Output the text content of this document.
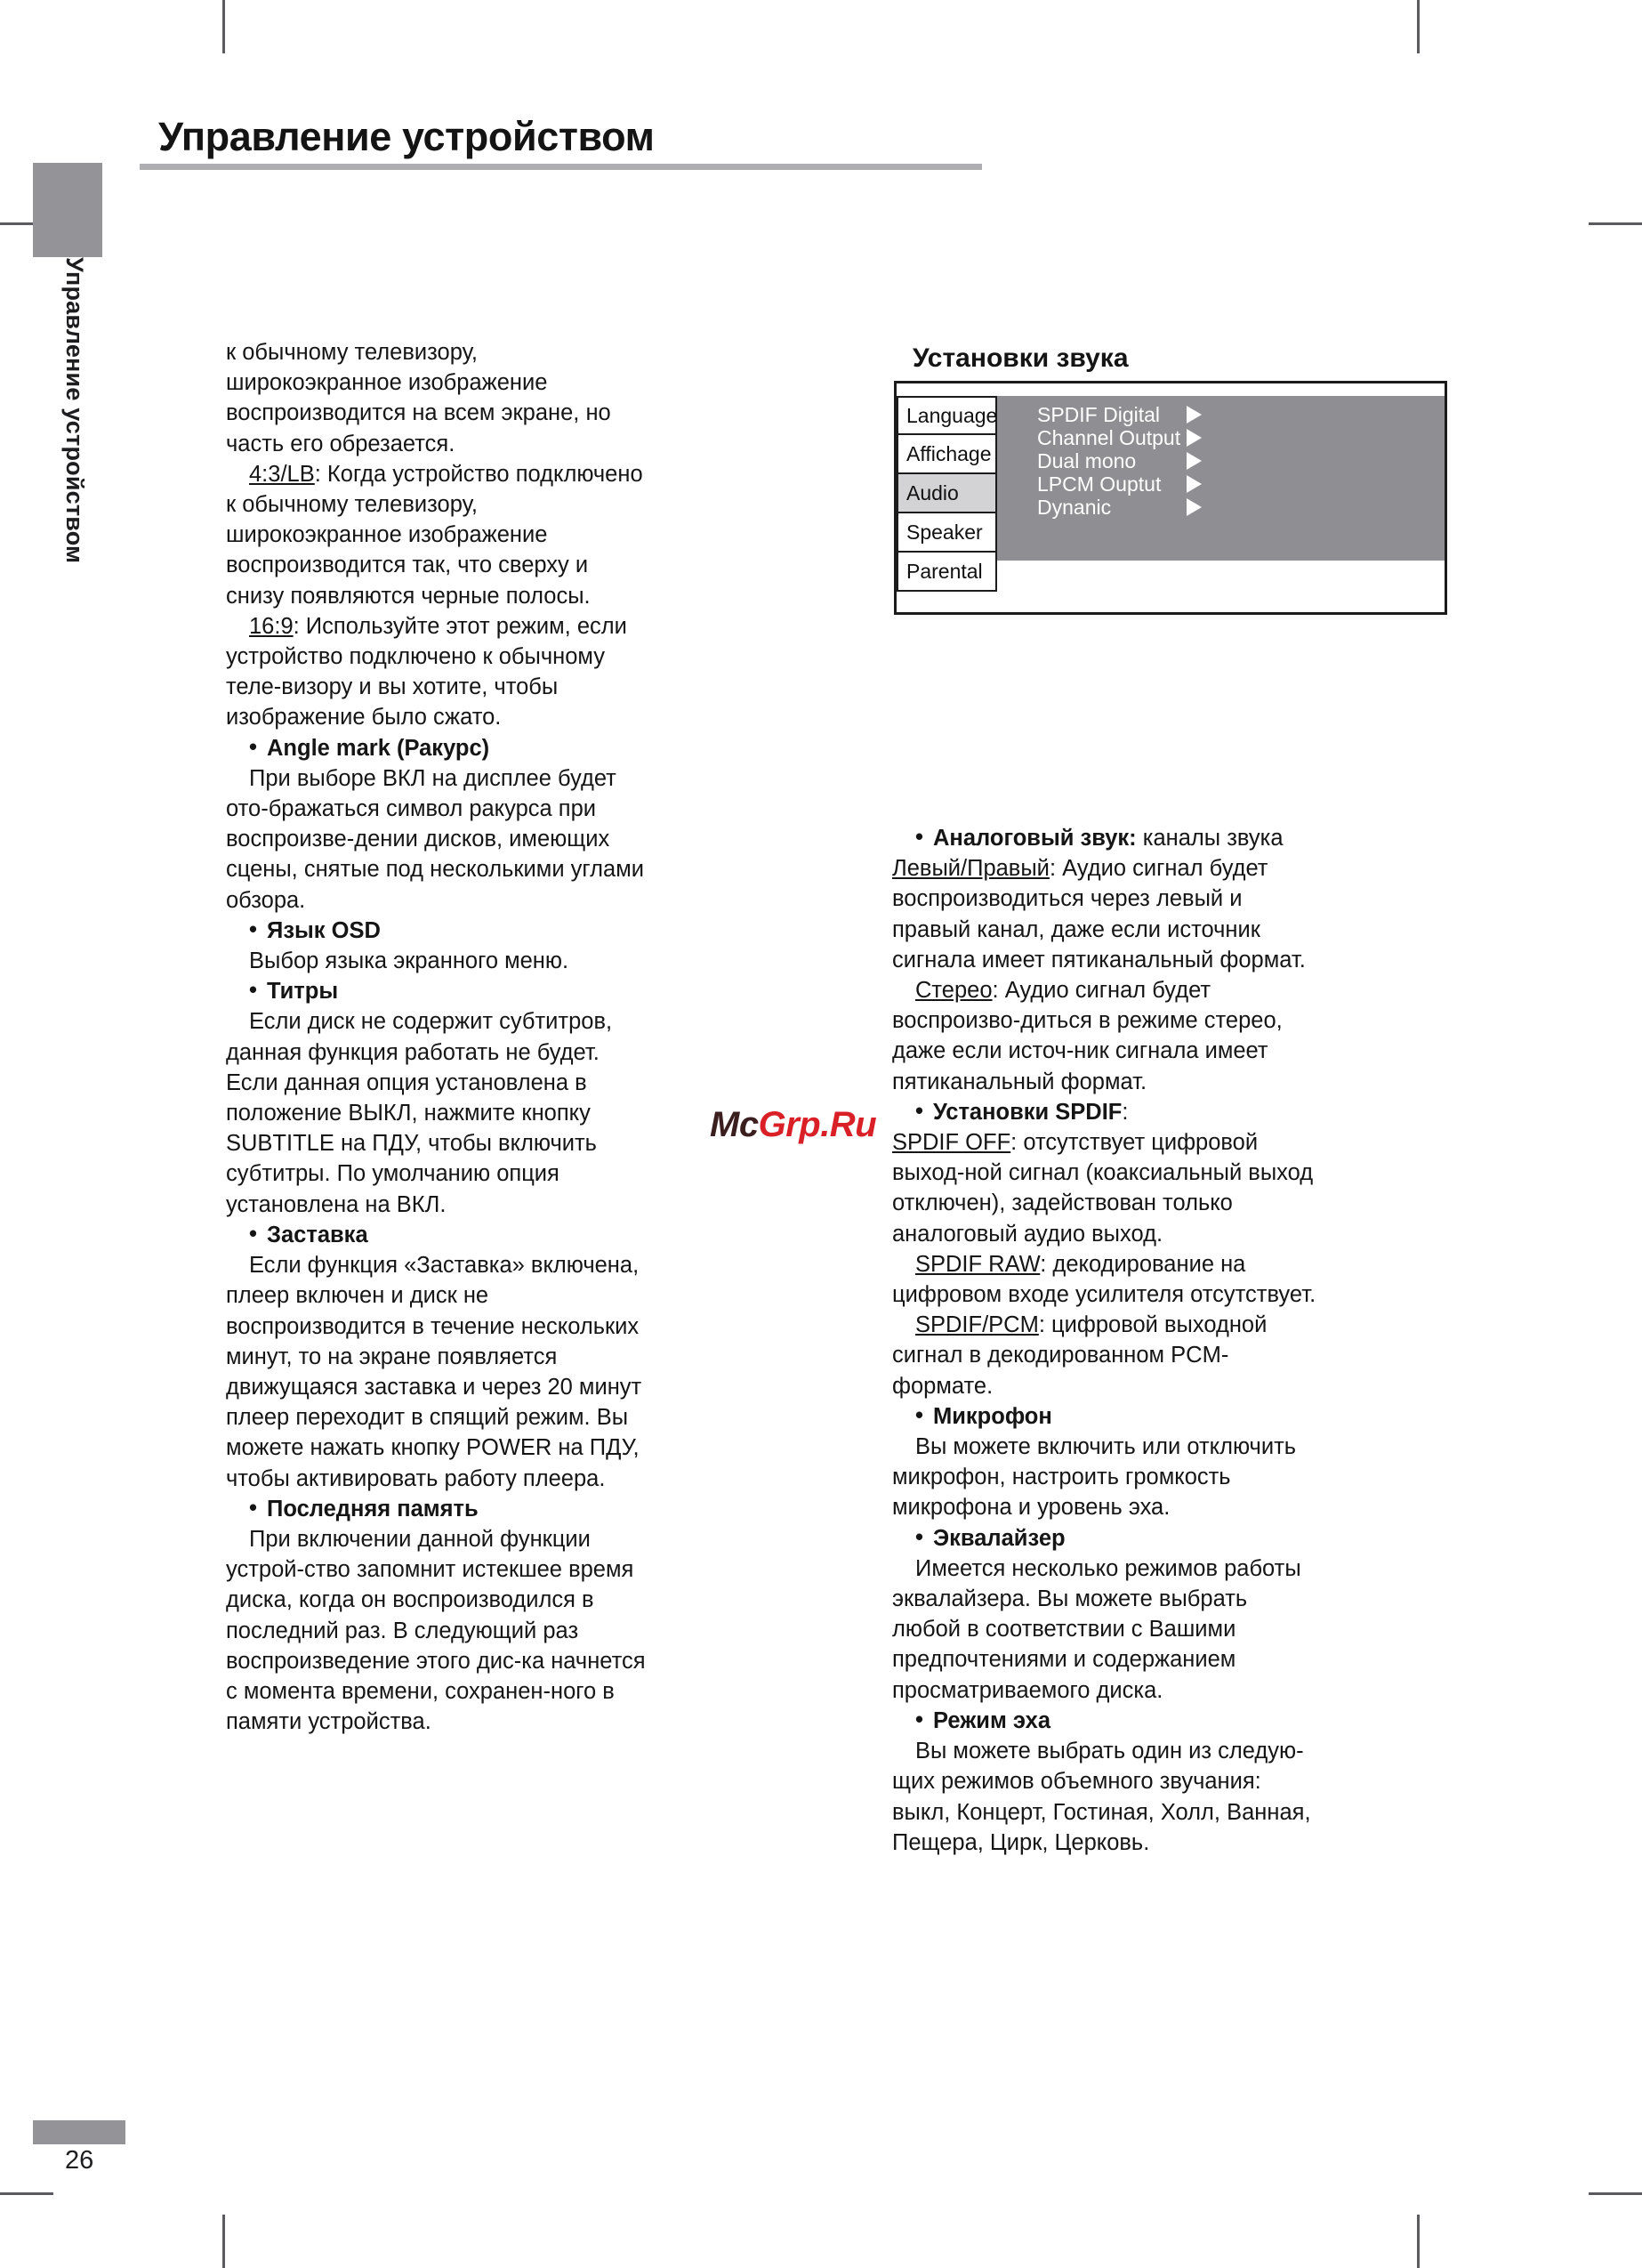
Управление устройством
Управление устройством

к обычному телевизору, широкоэкранное изображение воспроизводится на всем экране, но часть его обрезается.

4:3/LB: Когда устройство подключено к обычному телевизору, широкоэкранное изображение воспроизводится так, что сверху и снизу появляются черные полосы.

16:9: Используйте этот режим, если устройство подключено к обычному теле-визору и вы хотите, чтобы изображение было сжато.

• Angle mark (Ракурс)

При выборе ВКЛ на дисплее будет ото-бражаться символ ракурса при воспроизве-дении дисков, имеющих сцены, снятые под несколькими углами обзора.

• Язык OSD

Выбор языка экранного меню.

• Титры

Если диск не содержит субтитров, данная функция работать не будет. Если данная опция установлена в положение ВЫКЛ, нажмите кнопку SUBTITLE на ПДУ, чтобы включить субтитры. По умолчанию опция установлена на ВКЛ.

• Заставка

Если функция «Заставка» включена, плеер включен и диск не воспроизводится в течение нескольких минут, то на экране появляется движущаяся заставка и через 20 минут плеер переходит в спящий режим. Вы можете нажать кнопку POWER на ПДУ, чтобы активировать работу плеера.

• Последняя память

При включении данной функции устрой-ство запомнит истекшее время диска, когда он воспроизводился в последний раз. В следующий раз воспроизведение этого дис-ка начнется с момента времени, сохранен-ного в памяти устройства.

Установки звука
Language
Affichage
Audio
Speaker
Parental
SPDIF Digital
Channel Output
Dual mono
LPCM Ouptut
Dynanic

• Аналоговый звук: каналы звука

Левый/Правый: Аудио сигнал будет воспроизводиться через левый и правый канал, даже если источник сигнала имеет пятиканальный формат.

Стерео: Аудио сигнал будет воспроизво-диться в режиме стерео, даже если источ-ник сигнала имеет пятиканальный формат.

• Установки SPDIF:

SPDIF OFF: отсутствует цифровой выход-ной сигнал (коаксиальный выход отключен), задействован только аналоговый аудио выход.

SPDIF RAW: декодирование на цифровом входе усилителя отсутствует.

SPDIF/PCM: цифровой выходной сигнал в декодированном PCM-формате.

• Микрофон

Вы можете включить или отключить микрофон, настроить громкость микрофона и уровень эха.

• Эквалайзер

Имеется несколько режимов работы эквалайзера. Вы можете выбрать любой в соответствии с Вашими предпочтениями и содержанием просматриваемого диска.

• Режим эха

Вы можете выбрать один из следую-щих режимов объемного звучания: выкл, Концерт, Гостиная, Холл, Ванная, Пещера, Цирк, Церковь.

McGrp.Ru
26
